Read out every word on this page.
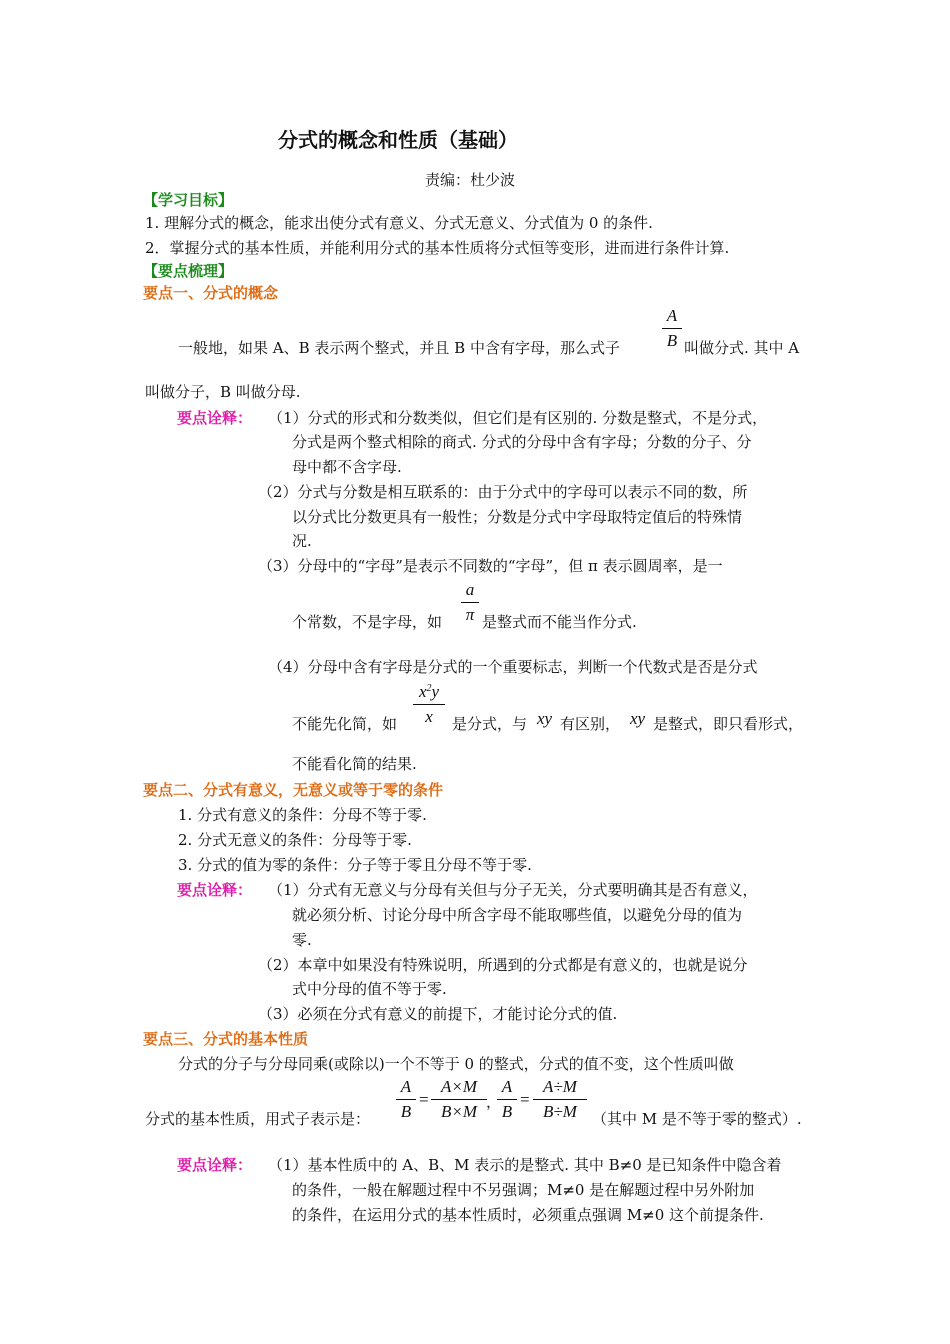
分式的概念和性质（基础）
责编：杜少波
【学习目标】
1. 理解分式的概念，能求出使分式有意义、分式无意义、分式值为 0 的条件.
2．掌握分式的基本性质，并能利用分式的基本性质将分式恒等变形，进而进行条件计算.
【要点梳理】
要点一、分式的概念
一般地，如果 A、B 表示两个整式，并且 B 中含有字母，那么式子
A
B 叫做分式. 其中 A
叫做分子，B 叫做分母.
要点诠释： （1）分式的形式和分数类似，但它们是有区别的. 分数是整式，不是分式，
分式是两个整式相除的商式. 分式的分母中含有字母；分数的分子、分
母中都不含字母.
（2）分式与分数是相互联系的：由于分式中的字母可以表示不同的数，所
以分式比分数更具有一般性；分数是分式中字母取特定值后的特殊情
况.
（3）分母中的“字母”是表示不同数的“字母”，但 π 表示圆周率，是一
个常数，不是字母，如
a
π 是整式而不能当作分式.
（4）分母中含有字母是分式的一个重要标志，判断一个代数式是否是分式
不能先化简，如
$x^2y$
x	是分式，与 xy 有区别， xy 是整式，即只看形式，
不能看化简的结果.
要点二、分式有意义，无意义或等于零的条件
1. 分式有意义的条件：分母不等于零.
2. 分式无意义的条件：分母等于零.
3. 分式的值为零的条件：分子等于零且分母不等于零.
要点诠释： （1）分式有无意义与分母有关但与分子无关，分式要明确其是否有意义，
就必须分析、讨论分母中所含字母不能取哪些值，以避免分母的值为
零.
（2）本章中如果没有特殊说明，所遇到的分式都是有意义的，也就是说分
式中分母的值不等于零.
（3）必须在分式有意义的前提下，才能讨论分式的值.
要点三、分式的基本性质
分式的分子与分母同乘(或除以)一个不等于 0 的整式，分式的值不变，这个性质叫做
分式的基本性质，用式子表示是：
A
B
=
A×M
B×M ，
A
B
=
A÷M
B÷M	（其中 M 是不等于零的整式）.
要点诠释： （1）基本性质中的 A、B、M 表示的是整式. 其中 B≠0 是已知条件中隐含着
的条件，一般在解题过程中不另强调；M≠0 是在解题过程中另外附加
的条件，在运用分式的基本性质时，必须重点强调 M≠0 这个前提条件.
